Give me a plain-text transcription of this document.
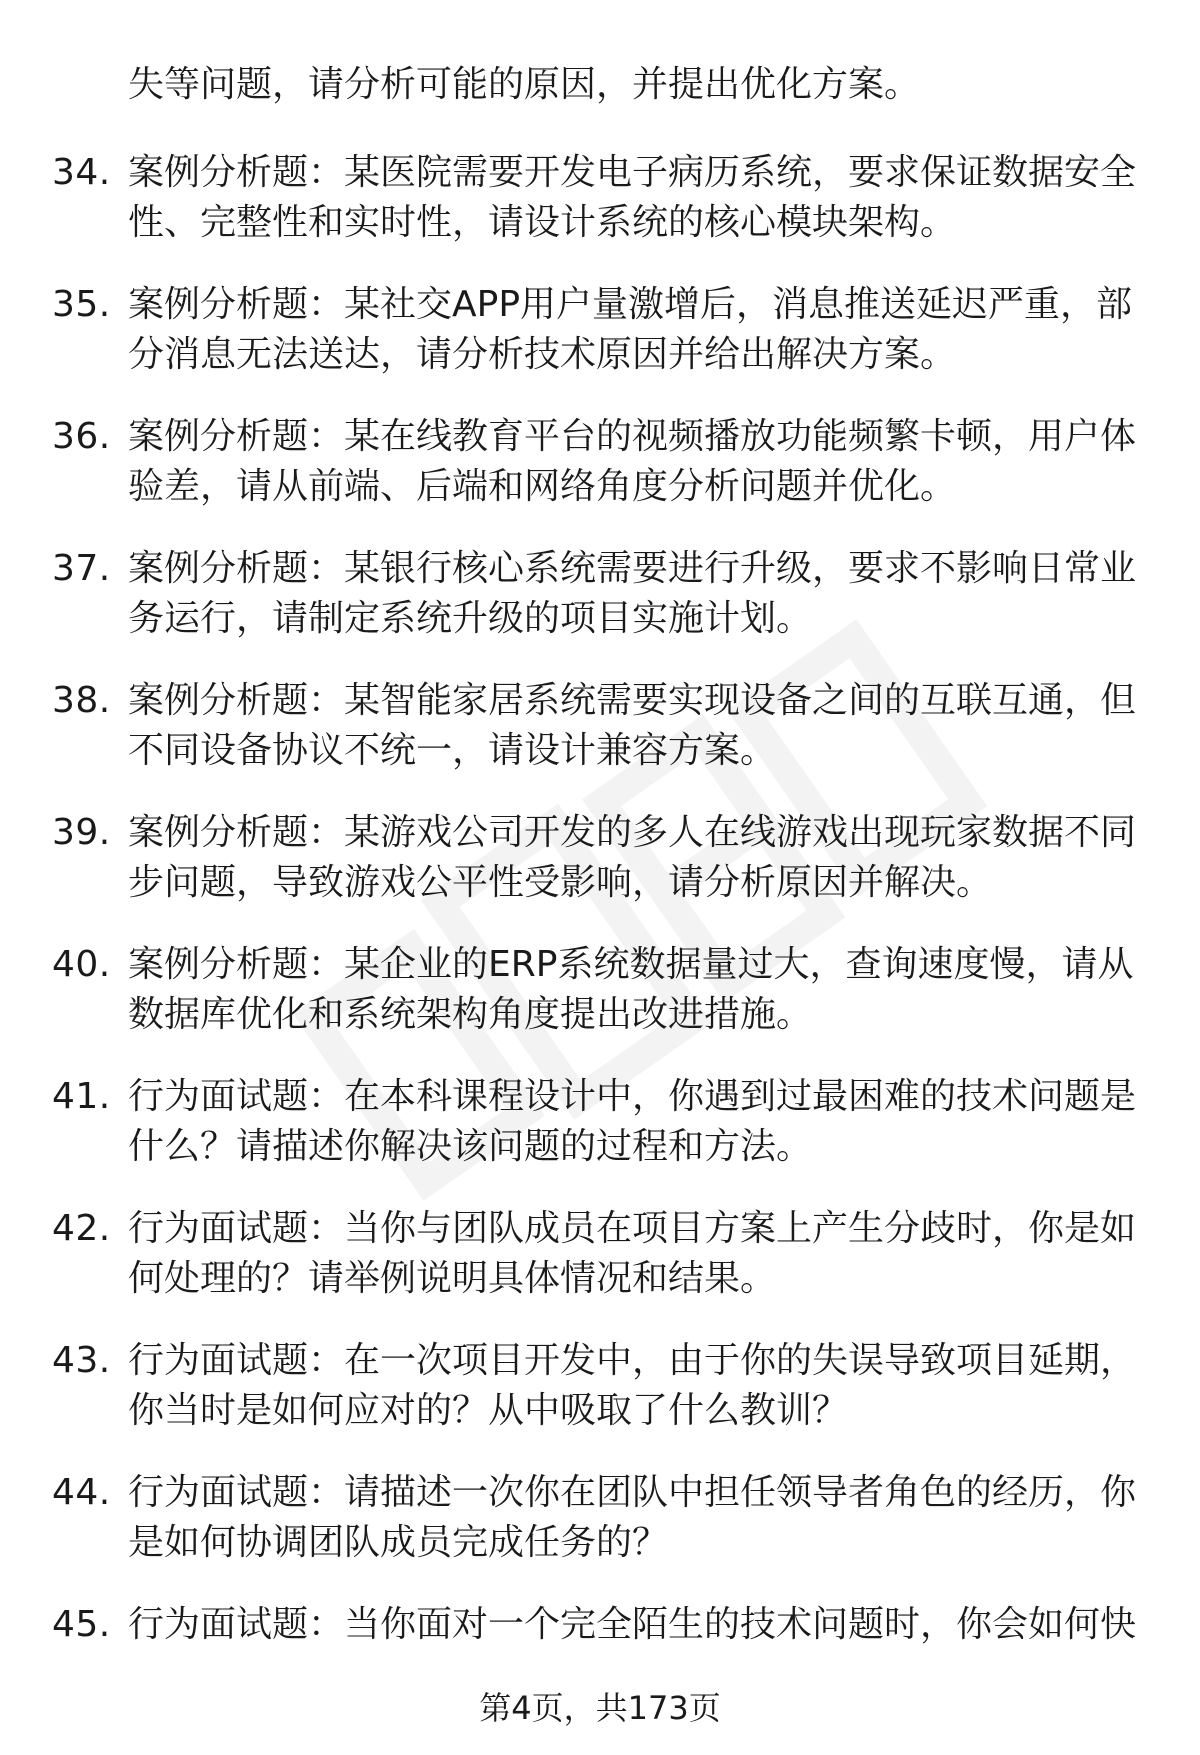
失等问题，请分析可能的原因，并提出优化方案。

34. 案例分析题：某医院需要开发电子病历系统，要求保证数据安全性、完整性和实时性，请设计系统的核心模块架构。

35. 案例分析题：某社交APP用户量激增后，消息推送延迟严重，部分消息无法送达，请分析技术原因并给出解决方案。

36. 案例分析题：某在线教育平台的视频播放功能频繁卡顿，用户体验差，请从前端、后端和网络角度分析问题并优化。

37. 案例分析题：某银行核心系统需要进行升级，要求不影响日常业务运行，请制定系统升级的项目实施计划。

38. 案例分析题：某智能家居系统需要实现设备之间的互联互通，但不同设备协议不统一，请设计兼容方案。

39. 案例分析题：某游戏公司开发的多人在线游戏出现玩家数据不同步问题，导致游戏公平性受影响，请分析原因并解决。

40. 案例分析题：某企业的ERP系统数据量过大，查询速度慢，请从数据库优化和系统架构角度提出改进措施。

41. 行为面试题：在本科课程设计中，你遇到过最困难的技术问题是什么？请描述你解决该问题的过程和方法。

42. 行为面试题：当你与团队成员在项目方案上产生分歧时，你是如何处理的？请举例说明具体情况和结果。

43. 行为面试题：在一次项目开发中，由于你的失误导致项目延期，你当时是如何应对的？从中吸取了什么教训？

44. 行为面试题：请描述一次你在团队中担任领导者角色的经历，你是如何协调团队成员完成任务的？

45. 行为面试题：当你面对一个完全陌生的技术问题时，你会如何快

第4页，共173页
